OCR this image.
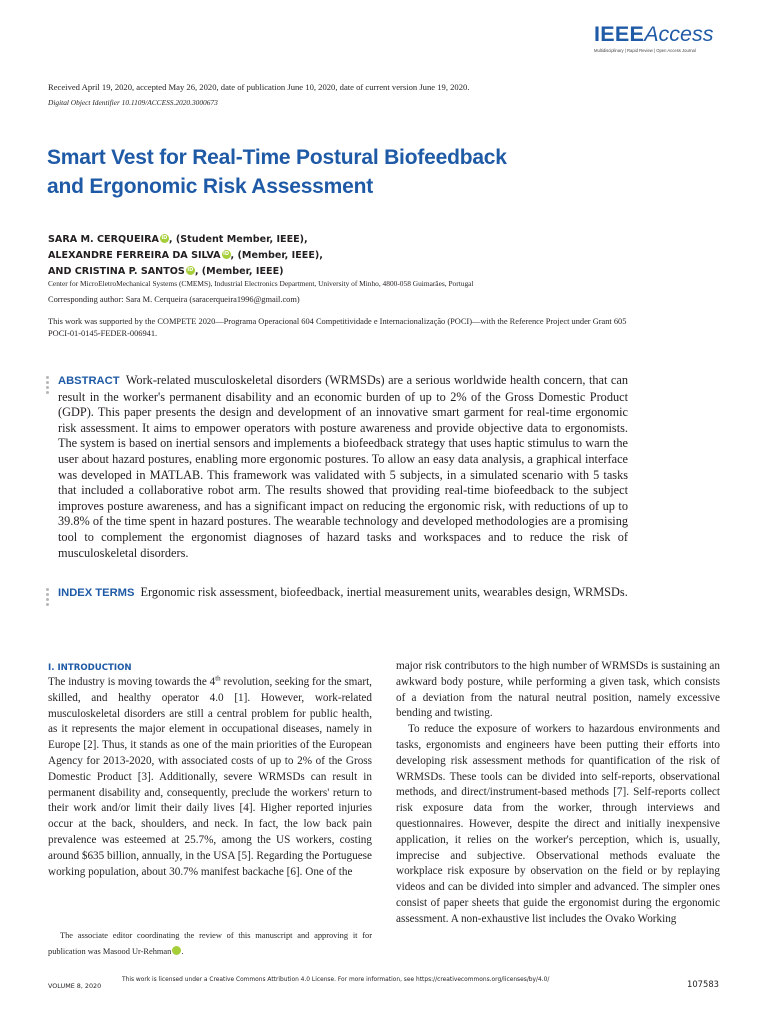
IEEEAccess
Multidisciplinary | Rapid Review | Open Access Journal
Received April 19, 2020, accepted May 26, 2020, date of publication June 10, 2020, date of current version June 19, 2020.
Digital Object Identifier 10.1109/ACCESS.2020.3000673
Smart Vest for Real-Time Postural Biofeedback
and Ergonomic Risk Assessment
SARA M. CERQUEIRA iD , (Student Member, IEEE),
ALEXANDRE FERREIRA DA SILVA iD , (Member, IEEE),
AND CRISTINA P. SANTOS iD , (Member, IEEE)
Center for MicroEletroMechanical Systems (CMEMS), Industrial Electronics Department, University of Minho, 4800-058 Guimarães, Portugal
Corresponding author: Sara M. Cerqueira (saracerqueira1996@gmail.com)
This work was supported by the COMPETE 2020—Programa Operacional 604 Competitividade e Internacionalização (POCI)—with the Reference Project under Grant 605 POCI-01-0145-FEDER-006941.
ABSTRACT Work-related musculoskeletal disorders (WRMSDs) are a serious worldwide health concern, that can result in the worker's permanent disability and an economic burden of up to 2% of the Gross Domestic Product (GDP). This paper presents the design and development of an innovative smart garment for real-time ergonomic risk assessment. It aims to empower operators with posture awareness and provide objective data to ergonomists. The system is based on inertial sensors and implements a biofeedback strategy that uses haptic stimulus to warn the user about hazard postures, enabling more ergonomic postures. To allow an easy data analysis, a graphical interface was developed in MATLAB. This framework was validated with 5 subjects, in a simulated scenario with 5 tasks that included a collaborative robot arm. The results showed that providing real-time biofeedback to the subject improves posture awareness, and has a significant impact on reducing the ergonomic risk, with reductions of up to 39.8% of the time spent in hazard postures. The wearable technology and developed methodologies are a promising tool to complement the ergonomist diagnoses of hazard tasks and workspaces and to reduce the risk of musculoskeletal disorders.
INDEX TERMS Ergonomic risk assessment, biofeedback, inertial measurement units, wearables design, WRMSDs.
I. INTRODUCTION

The industry is moving towards the 4th revolution, seeking for the smart, skilled, and healthy operator 4.0 [1]. However, work-related musculoskeletal disorders are still a central problem for public health, as it represents the major element in occupational diseases, namely in Europe [2]. Thus, it stands as one of the main priorities of the European Agency for 2013-2020, with associated costs of up to 2% of the Gross Domestic Product [3]. Additionally, severe WRMSDs can result in permanent disability and, consequently, preclude the workers' return to their work and/or limit their daily lives [4]. Higher reported injuries occur at the back, shoulders, and neck. In fact, the low back pain prevalence was esteemed at 25.7%, among the US workers, costing around $635 billion, annually, in the USA [5]. Regarding the Portuguese working population, about 30.7% manifest backache [6]. One of the

major risk contributors to the high number of WRMSDs is sustaining an awkward body posture, while performing a given task, which consists of a deviation from the natural neutral position, namely excessive bending and twisting.

To reduce the exposure of workers to hazardous environments and tasks, ergonomists and engineers have been putting their efforts into developing risk assessment methods for quantification of the risk of WRMSDs. These tools can be divided into self-reports, observational methods, and direct/instrument-based methods [7]. Self-reports collect risk exposure data from the worker, through interviews and questionnaires. However, despite the direct and initially inexpensive application, it relies on the worker's perception, which is, usually, imprecise and subjective. Observational methods evaluate the workplace risk exposure by observation on the field or by replaying videos and can be divided into simpler and advanced. The simpler ones consist of paper sheets that guide the ergonomist during the ergonomic assessment. A non-exhaustive list includes the Ovako Working

The associate editor coordinating the review of this manuscript and approving it for publication was Masood Ur-Rehman	iD.

VOLUME 8, 2020
This work is licensed under a Creative Commons Attribution 4.0 License. For more information, see https://creativecommons.org/licenses/by/4.0/	107583
